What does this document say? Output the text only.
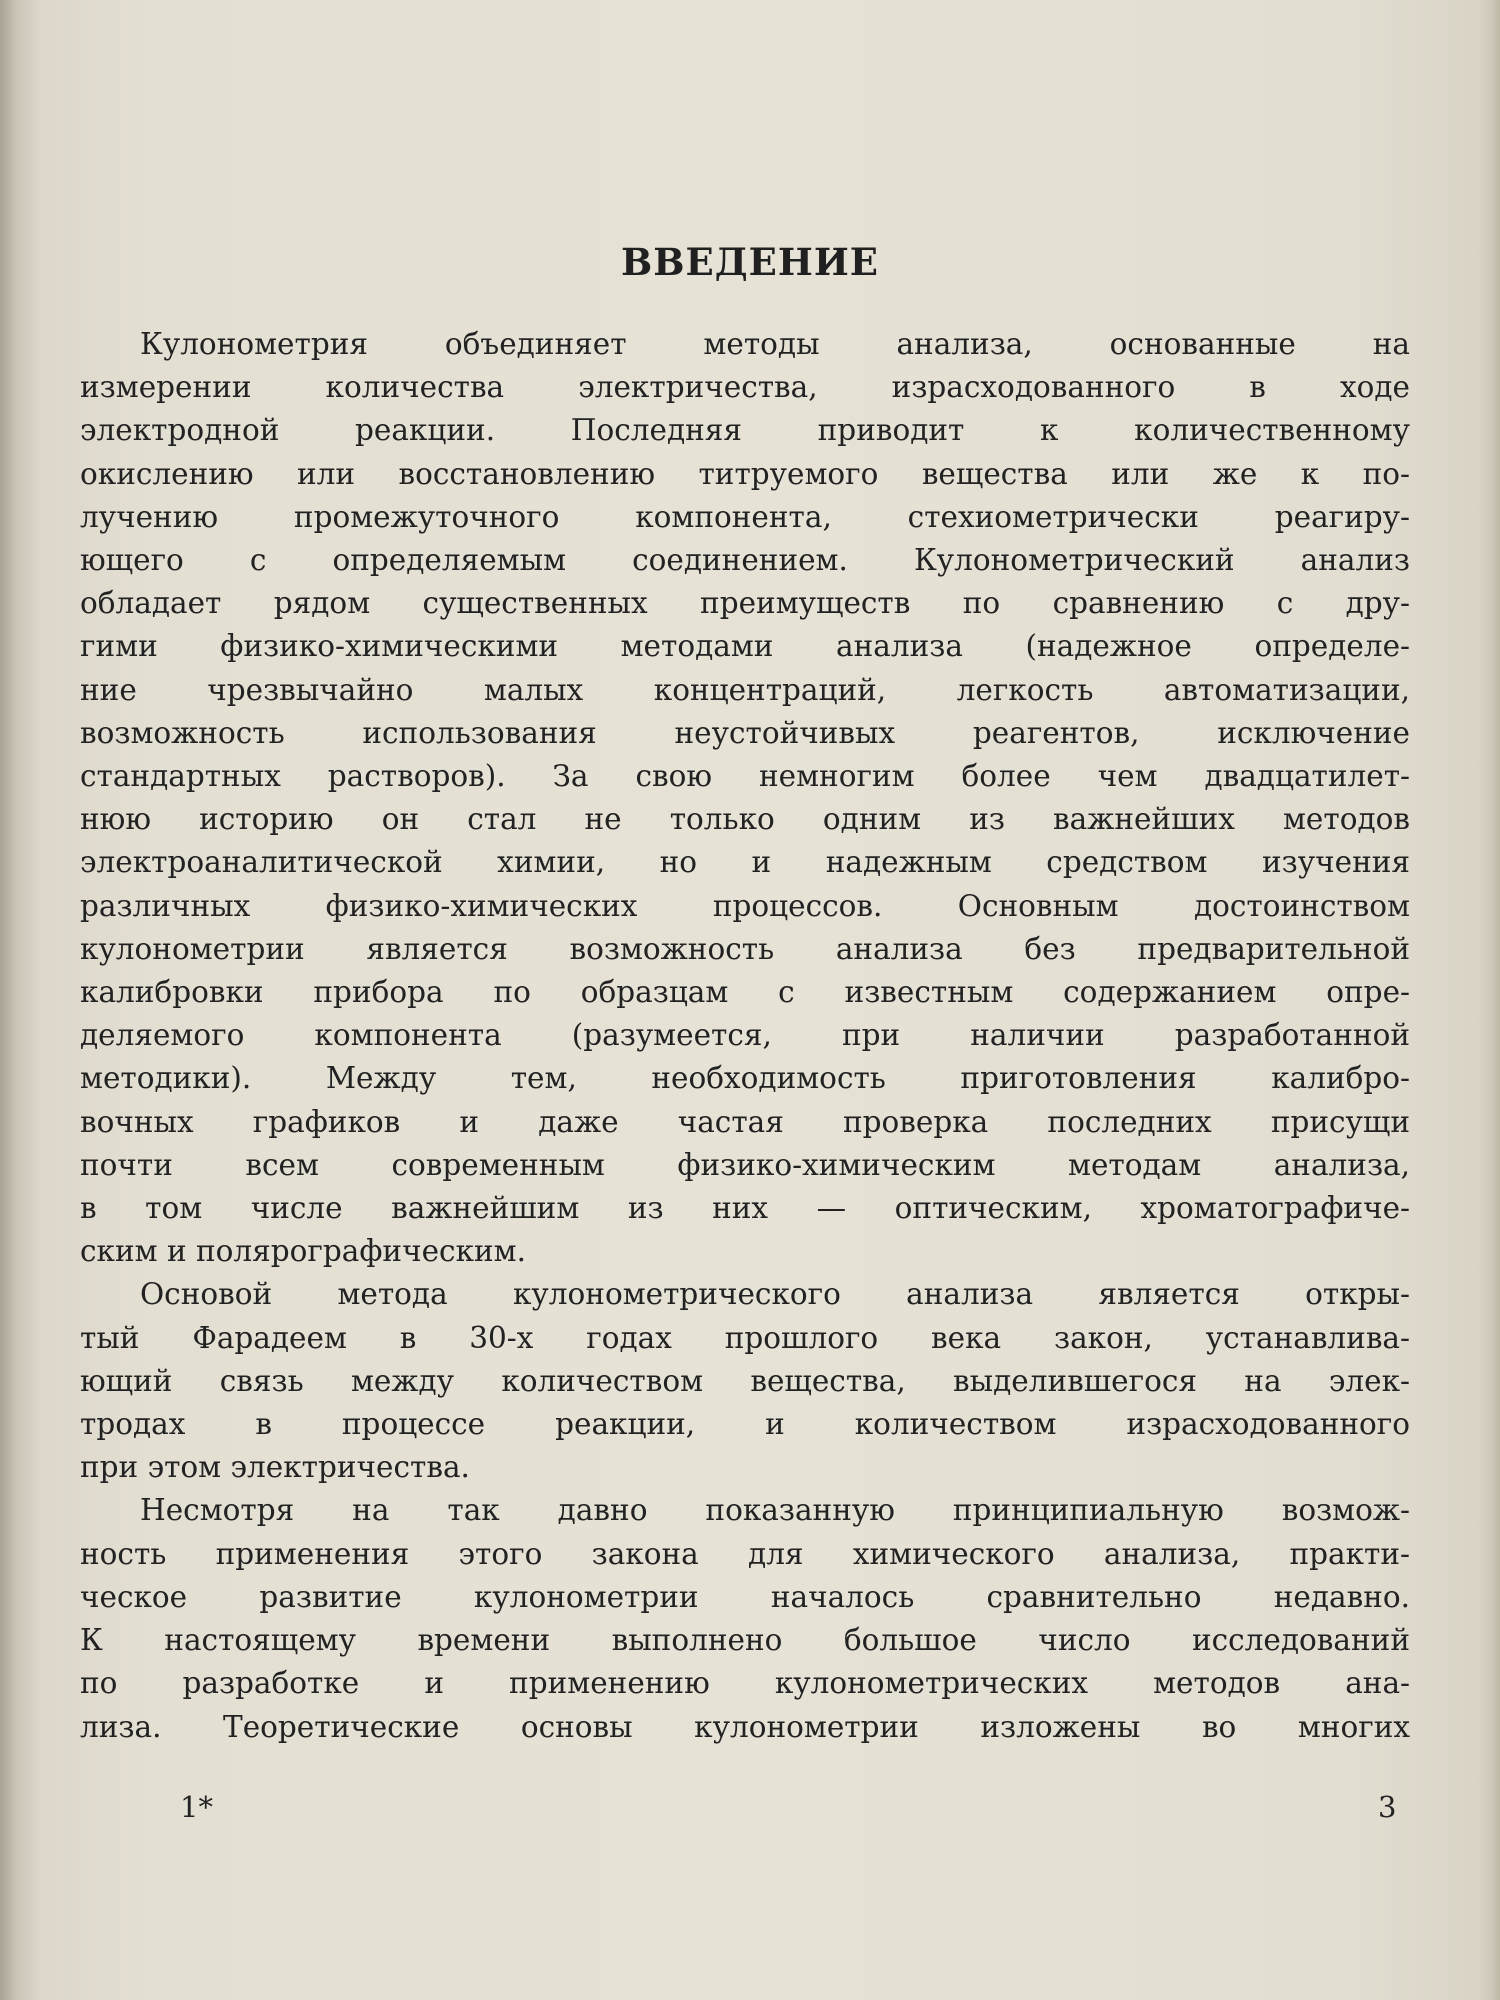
ВВЕДЕНИЕ
Кулонометрия объединяет методы анализа, основанные на
измерении количества электричества, израсходованного в ходе
электродной реакции. Последняя приводит к количественному
окислению или восстановлению титруемого вещества или же к по-
лучению промежуточного компонента, стехиометрически реагиру-
ющего с определяемым соединением. Кулонометрический анализ
обладает рядом существенных преимуществ по сравнению с дру-
гими физико-химическими методами анализа (надежное определе-
ние чрезвычайно малых концентраций, легкость автоматизации,
возможность использования неустойчивых реагентов, исключение
стандартных растворов). За свою немногим более чем двадцатилет-
нюю историю он стал не только одним из важнейших методов
электроаналитической химии, но и надежным средством изучения
различных физико-химических процессов. Основным достоинством
кулонометрии является возможность анализа без предварительной
калибровки прибора по образцам с известным содержанием опре-
деляемого компонента (разумеется, при наличии разработанной
методики). Между тем, необходимость приготовления калибро-
вочных графиков и даже частая проверка последних присущи
почти всем современным физико-химическим методам анализа,
в том числе важнейшим из них — оптическим, хроматографиче-
ским и полярографическим.
Основой метода кулонометрического анализа является откры-
тый Фарадеем в 30-х годах прошлого века закон, устанавлива-
ющий связь между количеством вещества, выделившегося на элек-
тродах в процессе реакции, и количеством израсходованного
при этом электричества.
Несмотря на так давно показанную принципиальную возмож-
ность применения этого закона для химического анализа, практи-
ческое развитие кулонометрии началось сравнительно недавно.
К настоящему времени выполнено большое число исследований
по разработке и применению кулонометрических методов ана-
лиза. Теоретические основы кулонометрии изложены во многих
1*	3
